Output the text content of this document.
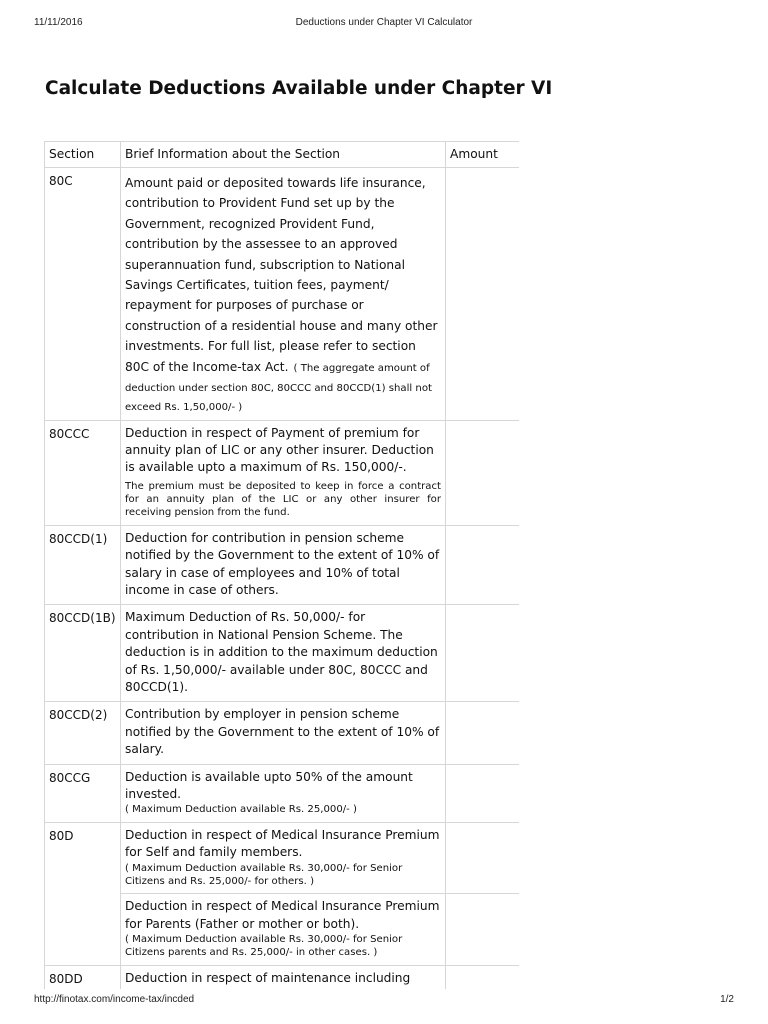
11/11/2016	Deductions under Chapter VI Calculator
Calculate Deductions Available under Chapter VI
Section	Brief Information about the Section	Amount
80C	Amount paid or deposited towards life insurance, contribution to Provident Fund set up by the Government, recognized Provident Fund, contribution by the assessee to an approved superannuation fund, subscription to National Savings Certificates, tuition fees, payment/ repayment for purposes of purchase or construction of a residential house and many other investments. For full list, please refer to section 80C of the Income-tax Act. ( The aggregate amount of deduction under section 80C, 80CCC and 80CCD(1) shall not exceed Rs. 1,50,000/- )	
80CCC	Deduction in respect of Payment of premium for annuity plan of LIC or any other insurer. Deduction is available upto a maximum of Rs. 150,000/-.
The premium must be deposited to keep in force a contract for an annuity plan of the LIC or any other insurer for receiving pension from the fund.	

80CCD(1)	Deduction for contribution in pension scheme notified by the Government to the extent of 10% of salary in case of employees and 10% of total income in case of others.	

80CCD(1B)	Maximum Deduction of Rs. 50,000/- for contribution in National Pension Scheme. The deduction is in addition to the maximum deduction of Rs. 1,50,000/- available under 80C, 80CCC and 80CCD(1).	

80CCD(2)	Contribution by employer in pension scheme notified by the Government to the extent of 10% of salary.	

80CCG	Deduction is available upto 50% of the amount invested.
( Maximum Deduction available Rs. 25,000/- )	

80D	Deduction in respect of Medical Insurance Premium for Self and family members.
( Maximum Deduction available Rs. 30,000/- for Senior Citizens and Rs. 25,000/- for others. )	

	Deduction in respect of Medical Insurance Premium for Parents (Father or mother or both).
( Maximum Deduction available Rs. 30,000/- for Senior Citizens parents and Rs. 25,000/- in other cases. )	

80DD	Deduction in respect of maintenance including	

http://finotax.com/income-tax/incded	1/2
